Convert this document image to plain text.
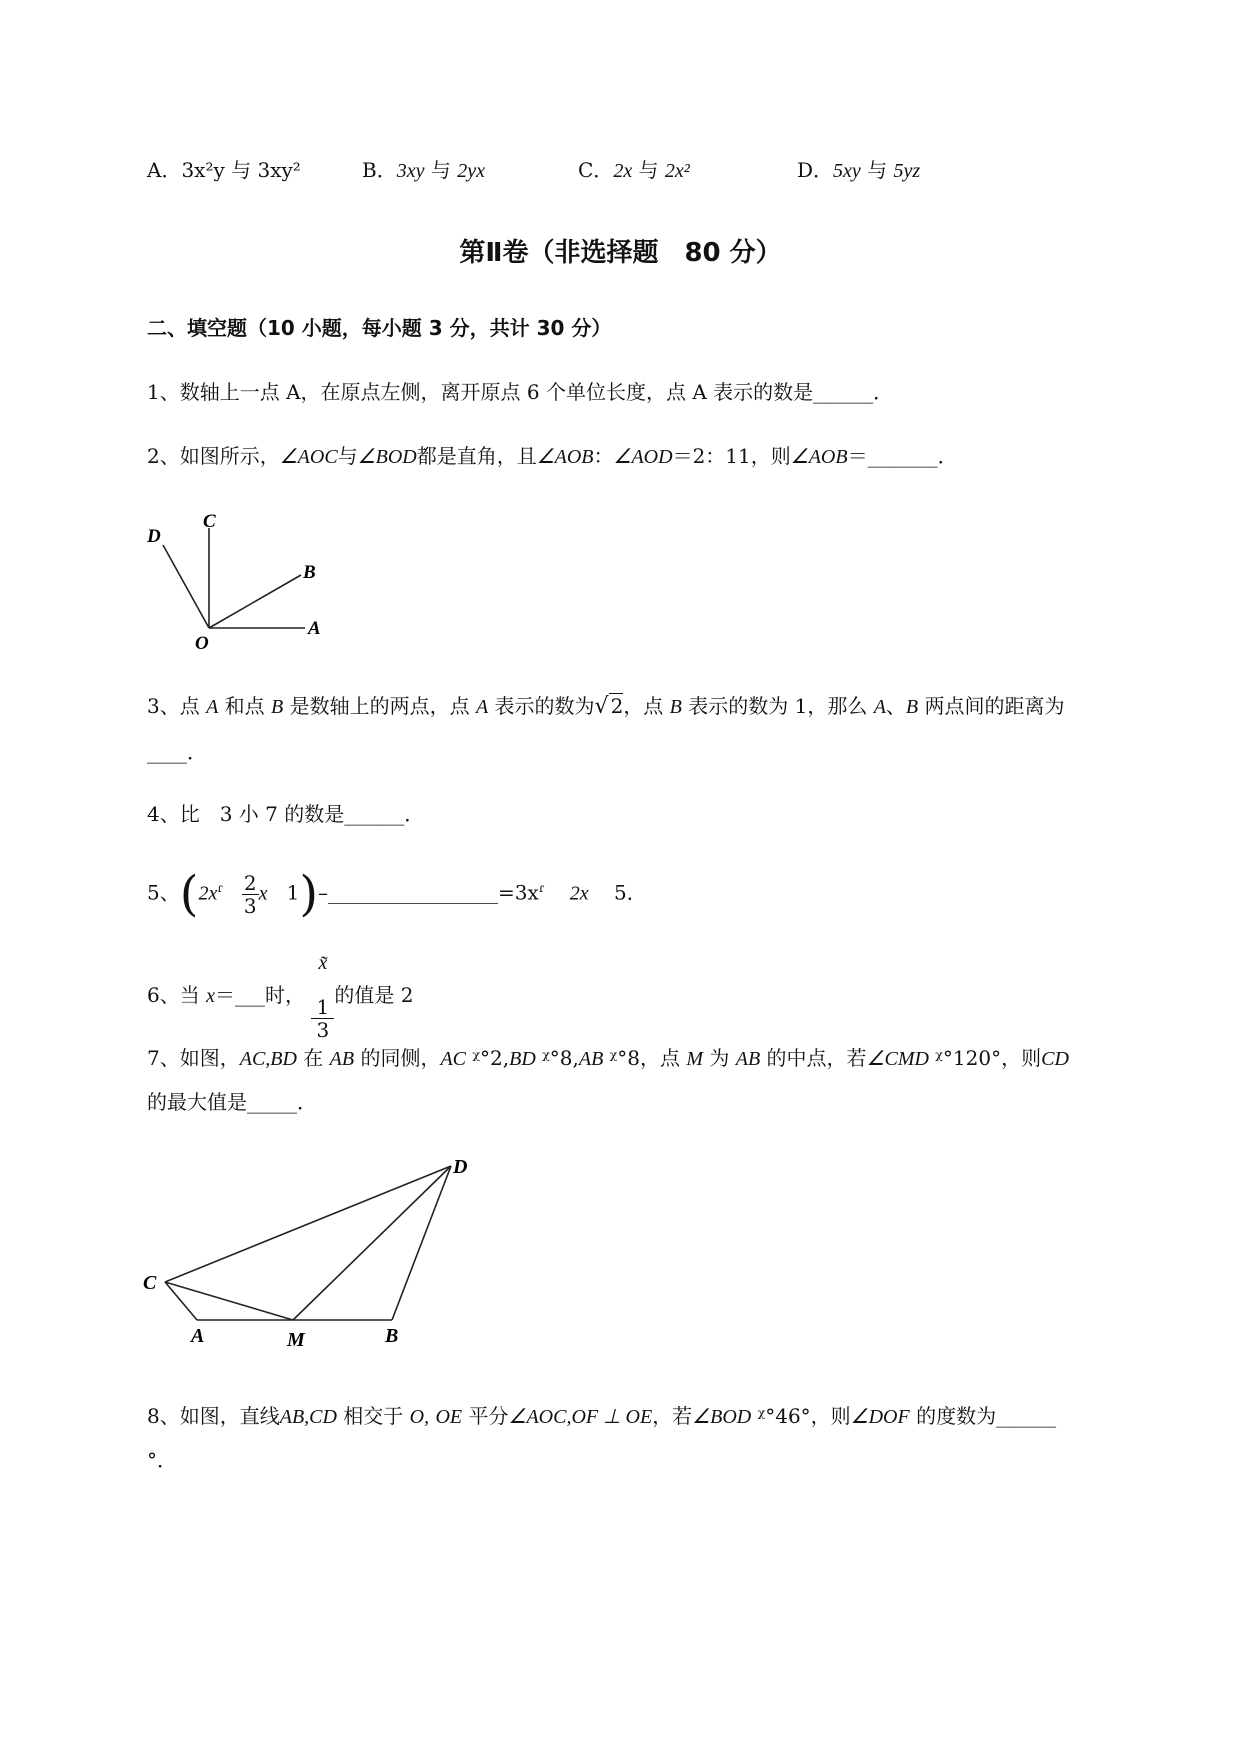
A．3x²y 与 3xy²	B．3xy 与 2yx	C．2x 与 2x²	D．5xy 与 5yz
第Ⅱ卷（非选择题　80 分）
二、填空题（10 小题，每小题 3 分，共计 30 分）
1、数轴上一点 A，在原点左侧，离开原点 6 个单位长度，点 A 表示的数是______．
2、如图所示，∠AOC与∠BOD都是直角，且∠AOB：∠AOD＝2：11，则∠AOB＝_______．
D
C
B
A
O
3、点 A 和点 B 是数轴上的两点，点 A 表示的数为√ 2，点 B 表示的数为 1，那么 A、B 两点间的距离为
____．
4、比　3 小 7 的数是______．
5、($2x^ɾ \frac{2}{3}$ x $1)-\_\_\_\_\_\_\_\_\_\_\_\_\_\_\_\_\_=3x^ɾ$ 2x 5．
6、当 x＝___时， x̃

1
3 的值是 2
7、如图，AC,BD 在 AB 的同侧，AC ᵡ°2,BD ᵡ°8,AB ᵡ°8，点 M 为 AB 的中点，若∠CMD ᵡ°120°，则CD
的最大值是_____．
D
C
A	M	B
8、如图，直线AB,CD 相交于 O, OE 平分∠AOC,OF ⊥ OE，若∠BOD ᵡ°46°，则∠DOF 的度数为______
°．
